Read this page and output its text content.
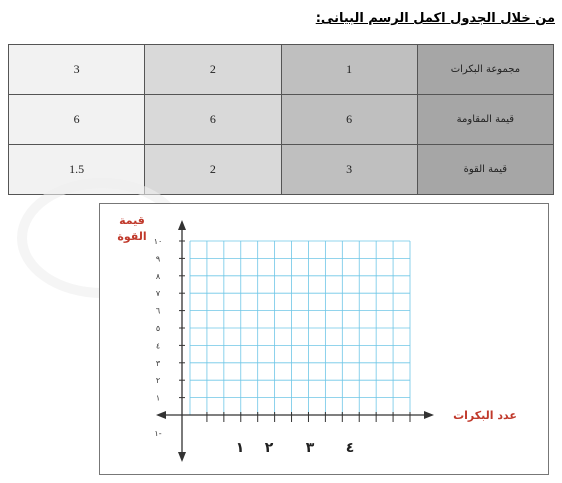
من خلال الجدول اكمل الرسم البيانى:
3	2	1	مجموعة البكرات
6	6	6	قيمة المقاومة
1.5	2	3	قيمة القوة
١٠
٩
٨
٧
٦
٥
٤
٣
٢
١
١ ٢ ٣ ٤
قيمة
القوة
عدد البكرات
١-
